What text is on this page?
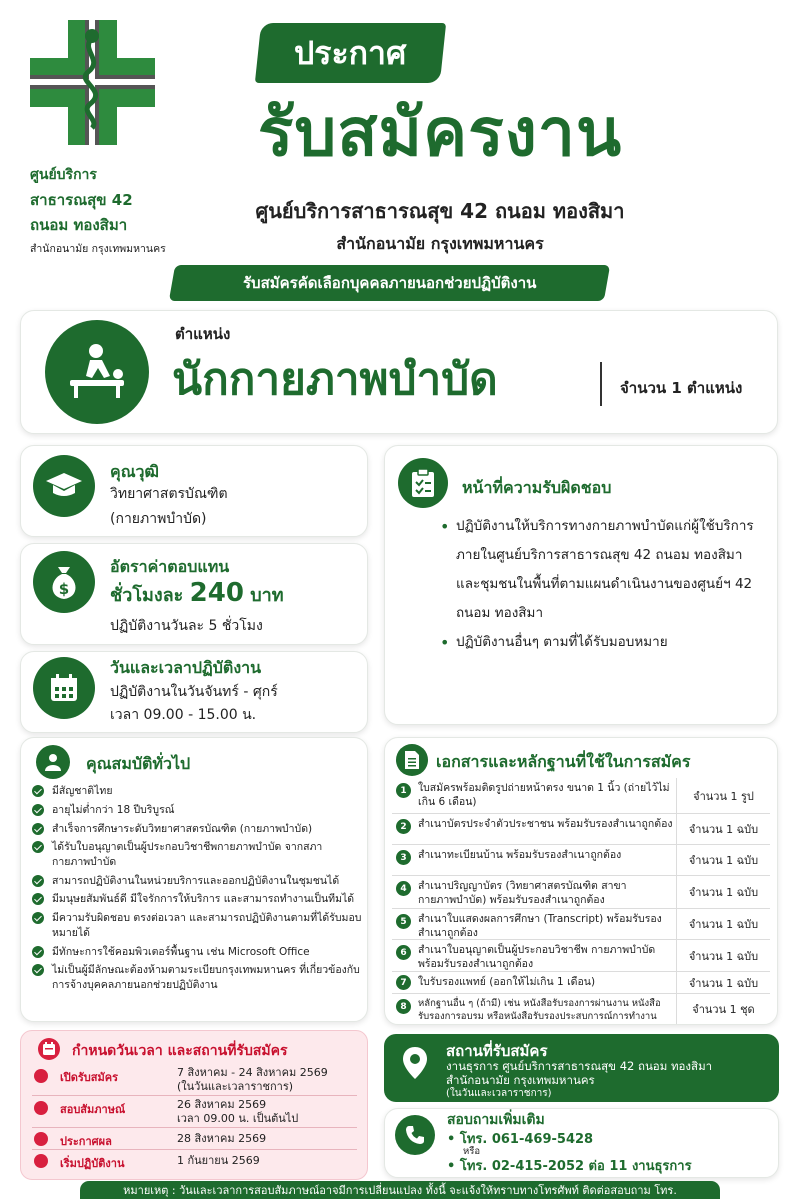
ศูนย์บริการ
สาธารณสุข 42
ถนอม ทองสิมา
สำนักอนามัย กรุงเทพมหานคร
ประกาศ
รับสมัครงาน
ศูนย์บริการสาธารณสุข 42 ถนอม ทองสิมา
สำนักอนามัย กรุงเทพมหานคร
รับสมัครคัดเลือกบุคคลภายนอกช่วยปฏิบัติงาน
ตำแหน่ง
นักกายภาพบำบัด	จำนวน 1 ตำแหน่ง
คุณวุฒิ
วิทยาศาสตรบัณฑิต
(กายภาพบำบัด)
$
อัตราค่าตอบแทน
ชั่วโมงละ 240 บาท
ปฏิบัติงานวันละ 5 ชั่วโมง
วันและเวลาปฏิบัติงาน
ปฏิบัติงานในวันจันทร์ - ศุกร์
เวลา 09.00 - 15.00 น.
หน้าที่ความรับผิดชอบ
• ปฏิบัติงานให้บริการทางกายภาพบำบัดแก่ผู้ใช้บริการภายในศูนย์บริการสาธารณสุข 42 ถนอม ทองสิมา และชุมชนในพื้นที่ตามแผนดำเนินงานของศูนย์ฯ 42 ถนอม ทองสิมา
• ปฏิบัติงานอื่นๆ ตามที่ได้รับมอบหมาย
คุณสมบัติทั่วไป
มีสัญชาติไทย
อายุไม่ต่ำกว่า 18 ปีบริบูรณ์
สำเร็จการศึกษาระดับวิทยาศาสตรบัณฑิต (กายภาพบำบัด)
ได้รับใบอนุญาตเป็นผู้ประกอบวิชาชีพกายภาพบำบัด จากสภากายภาพบำบัด
สามารถปฏิบัติงานในหน่วยบริการและออกปฏิบัติงานในชุมชนได้
มีมนุษยสัมพันธ์ดี มีใจรักการให้บริการ และสามารถทำงานเป็นทีมได้
มีความรับผิดชอบ ตรงต่อเวลา และสามารถปฏิบัติงานตามที่ได้รับมอบหมายได้
มีทักษะการใช้คอมพิวเตอร์พื้นฐาน เช่น Microsoft Office
ไม่เป็นผู้มีลักษณะต้องห้ามตามระเบียบกรุงเทพมหานคร ที่เกี่ยวข้องกับการจ้างบุคคลภายนอกช่วยปฏิบัติงาน
เอกสารและหลักฐานที่ใช้ในการสมัคร
1	ใบสมัครพร้อมติดรูปถ่ายหน้าตรง ขนาด 1 นิ้ว (ถ่ายไว้ไม่เกิน 6 เดือน)	จำนวน 1 รูป
2	สำเนาบัตรประจำตัวประชาชน พร้อมรับรองสำเนาถูกต้อง	จำนวน 1 ฉบับ
3	สำเนาทะเบียนบ้าน พร้อมรับรองสำเนาถูกต้อง	จำนวน 1 ฉบับ
4	สำเนาปริญญาบัตร (วิทยาศาสตรบัณฑิต สาขากายภาพบำบัด) พร้อมรับรองสำเนาถูกต้อง
จำนวน 1 ฉบับ
5	สำเนาใบแสดงผลการศึกษา (Transcript) พร้อมรับรองสำเนาถูกต้อง
จำนวน 1 ฉบับ
6	สำเนาใบอนุญาตเป็นผู้ประกอบวิชาชีพ กายภาพบำบัด พร้อมรับรองสำเนาถูกต้อง
จำนวน 1 ฉบับ
7	ใบรับรองแพทย์ (ออกให้ไม่เกิน 1 เดือน)	จำนวน 1 ฉบับ
8	หลักฐานอื่น ๆ (ถ้ามี) เช่น หนังสือรับรองการผ่านงาน หนังสือรับรองการอบรม หรือหนังสือรับรองประสบการณ์การทำงาน
จำนวน 1 ชุด
กำหนดวันเวลา และสถานที่รับสมัคร
เปิดรับสมัคร	7 สิงหาคม - 24 สิงหาคม 2569
(ในวันและเวลาราชการ)
สอบสัมภาษณ์	26 สิงหาคม 2569
เวลา 09.00 น. เป็นต้นไป
ประกาศผล	28 สิงหาคม 2569
เริ่มปฏิบัติงาน	1 กันยายน 2569
สถานที่รับสมัคร
งานธุรการ ศูนย์บริการสาธารณสุข 42 ถนอม ทองสิมา
สำนักอนามัย กรุงเทพมหานคร
(ในวันและเวลาราชการ)
สอบถามเพิ่มเติม
• โทร. 061-469-5428
หรือ
• โทร. 02-415-2052 ต่อ 11 งานธุรการ
หมายเหตุ : วันและเวลาการสอบสัมภาษณ์อาจมีการเปลี่ยนแปลง ทั้งนี้ จะแจ้งให้ทราบทางโทรศัพท์ ติดต่อสอบถาม โทร.
